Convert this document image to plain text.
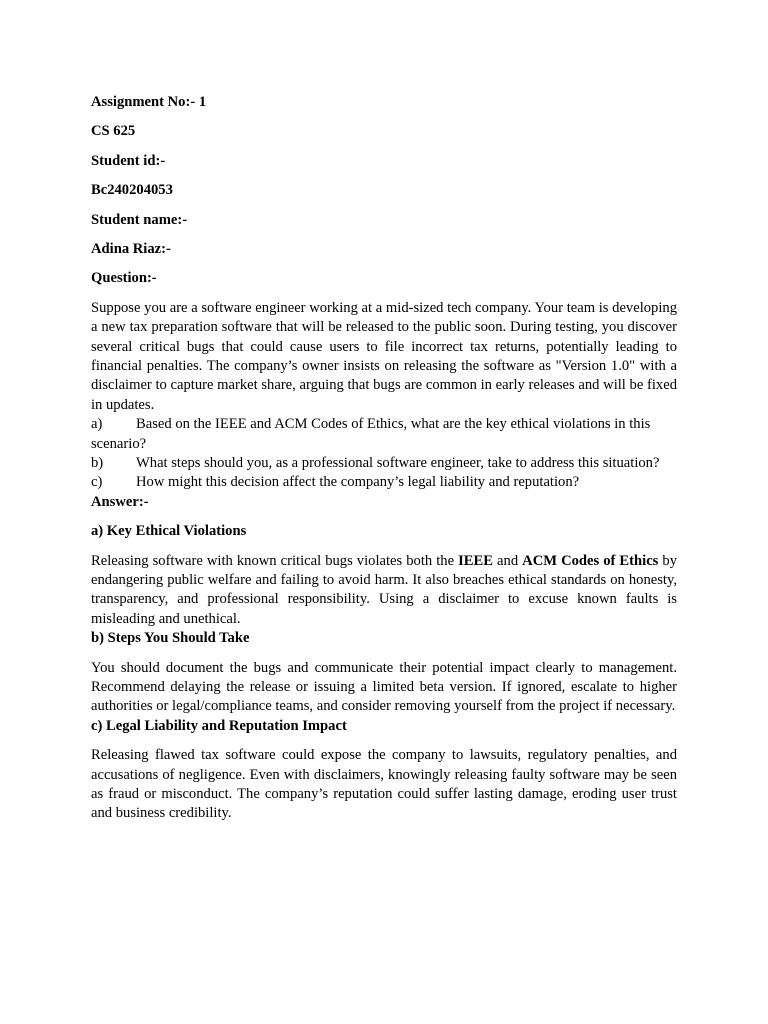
Assignment No:- 1

CS 625

Student id:-

Bc240204053

Student name:-

Adina Riaz:-

Question:-

Suppose you are a software engineer working at a mid-sized tech company. Your team is developing a new tax preparation software that will be released to the public soon. During testing, you discover several critical bugs that could cause users to file incorrect tax returns, potentially leading to financial penalties. The company’s owner insists on releasing the software as "Version 1.0" with a disclaimer to capture market share, arguing that bugs are common in early releases and will be fixed in updates.

a) Based on the IEEE and ACM Codes of Ethics, what are the key ethical violations in this scenario?

b) What steps should you, as a professional software engineer, take to address this situation?

c) How might this decision affect the company’s legal liability and reputation?

Answer:-

a) Key Ethical Violations

Releasing software with known critical bugs violates both the IEEE and ACM Codes of Ethics by endangering public welfare and failing to avoid harm. It also breaches ethical standards on honesty, transparency, and professional responsibility. Using a disclaimer to excuse known faults is misleading and unethical.

b) Steps You Should Take

You should document the bugs and communicate their potential impact clearly to management. Recommend delaying the release or issuing a limited beta version. If ignored, escalate to higher authorities or legal/compliance teams, and consider removing yourself from the project if necessary.

c) Legal Liability and Reputation Impact

Releasing flawed tax software could expose the company to lawsuits, regulatory penalties, and accusations of negligence. Even with disclaimers, knowingly releasing faulty software may be seen as fraud or misconduct. The company’s reputation could suffer lasting damage, eroding user trust and business credibility.
